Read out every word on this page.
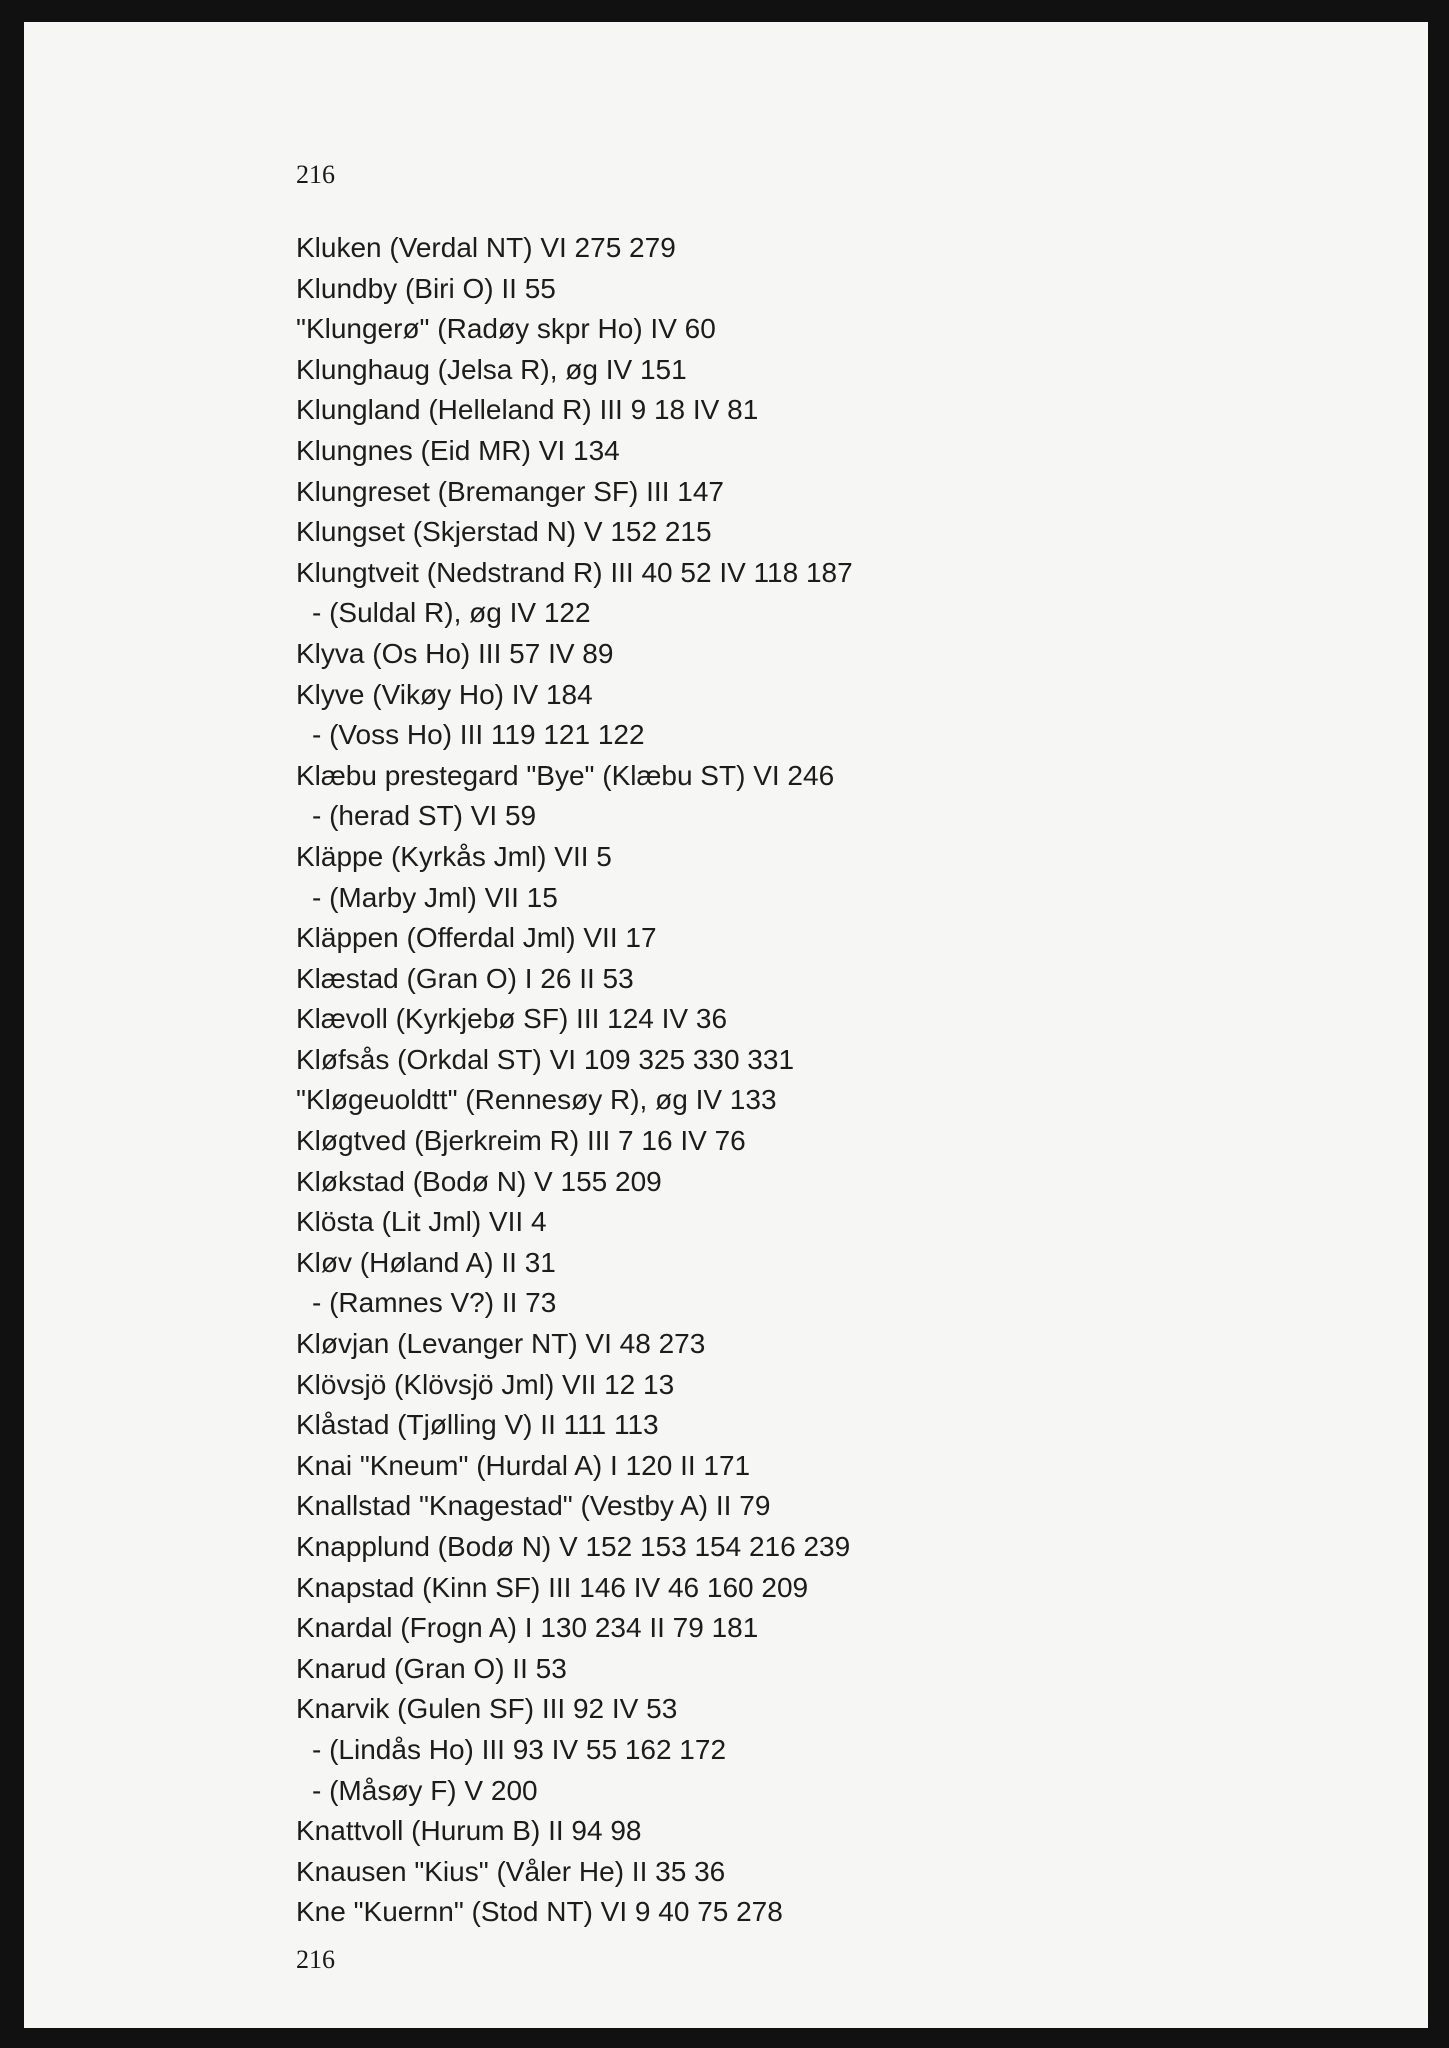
216
Kluken (Verdal NT) VI 275 279
Klundby (Biri O) II 55
"Klungerø" (Radøy skpr Ho) IV 60
Klunghaug (Jelsa R), øg IV 151
Klungland (Helleland R) III 9 18 IV 81
Klungnes (Eid MR) VI 134
Klungreset (Bremanger SF) III 147
Klungset (Skjerstad N) V 152 215
Klungtveit (Nedstrand R) III 40 52 IV 118 187
- (Suldal R), øg IV 122
Klyva (Os Ho) III 57 IV 89
Klyve (Vikøy Ho) IV 184
- (Voss Ho) III 119 121 122
Klæbu prestegard "Bye" (Klæbu ST) VI 246
- (herad ST) VI 59
Kläppe (Kyrkås Jml) VII 5
- (Marby Jml) VII 15
Kläppen (Offerdal Jml) VII 17
Klæstad (Gran O) I 26 II 53
Klævoll (Kyrkjebø SF) III 124 IV 36
Kløfsås (Orkdal ST) VI 109 325 330 331
"Kløgeuoldtt" (Rennesøy R), øg IV 133
Kløgtved (Bjerkreim R) III 7 16 IV 76
Kløkstad (Bodø N) V 155 209
Klösta (Lit Jml) VII 4
Kløv (Høland A) II 31
- (Ramnes V?) II 73
Kløvjan (Levanger NT) VI 48 273
Klövsjö (Klövsjö Jml) VII 12 13
Klåstad (Tjølling V) II 111 113
Knai "Kneum" (Hurdal A) I 120 II 171
Knallstad "Knagestad" (Vestby A) II 79
Knapplund (Bodø N) V 152 153 154 216 239
Knapstad (Kinn SF) III 146 IV 46 160 209
Knardal (Frogn A) I 130 234 II 79 181
Knarud (Gran O) II 53
Knarvik (Gulen SF) III 92 IV 53
- (Lindås Ho) III 93 IV 55 162 172
- (Måsøy F) V 200
Knattvoll (Hurum B) II 94 98
Knausen "Kius" (Våler He) II 35 36
Kne "Kuernn" (Stod NT) VI 9 40 75 278
216
